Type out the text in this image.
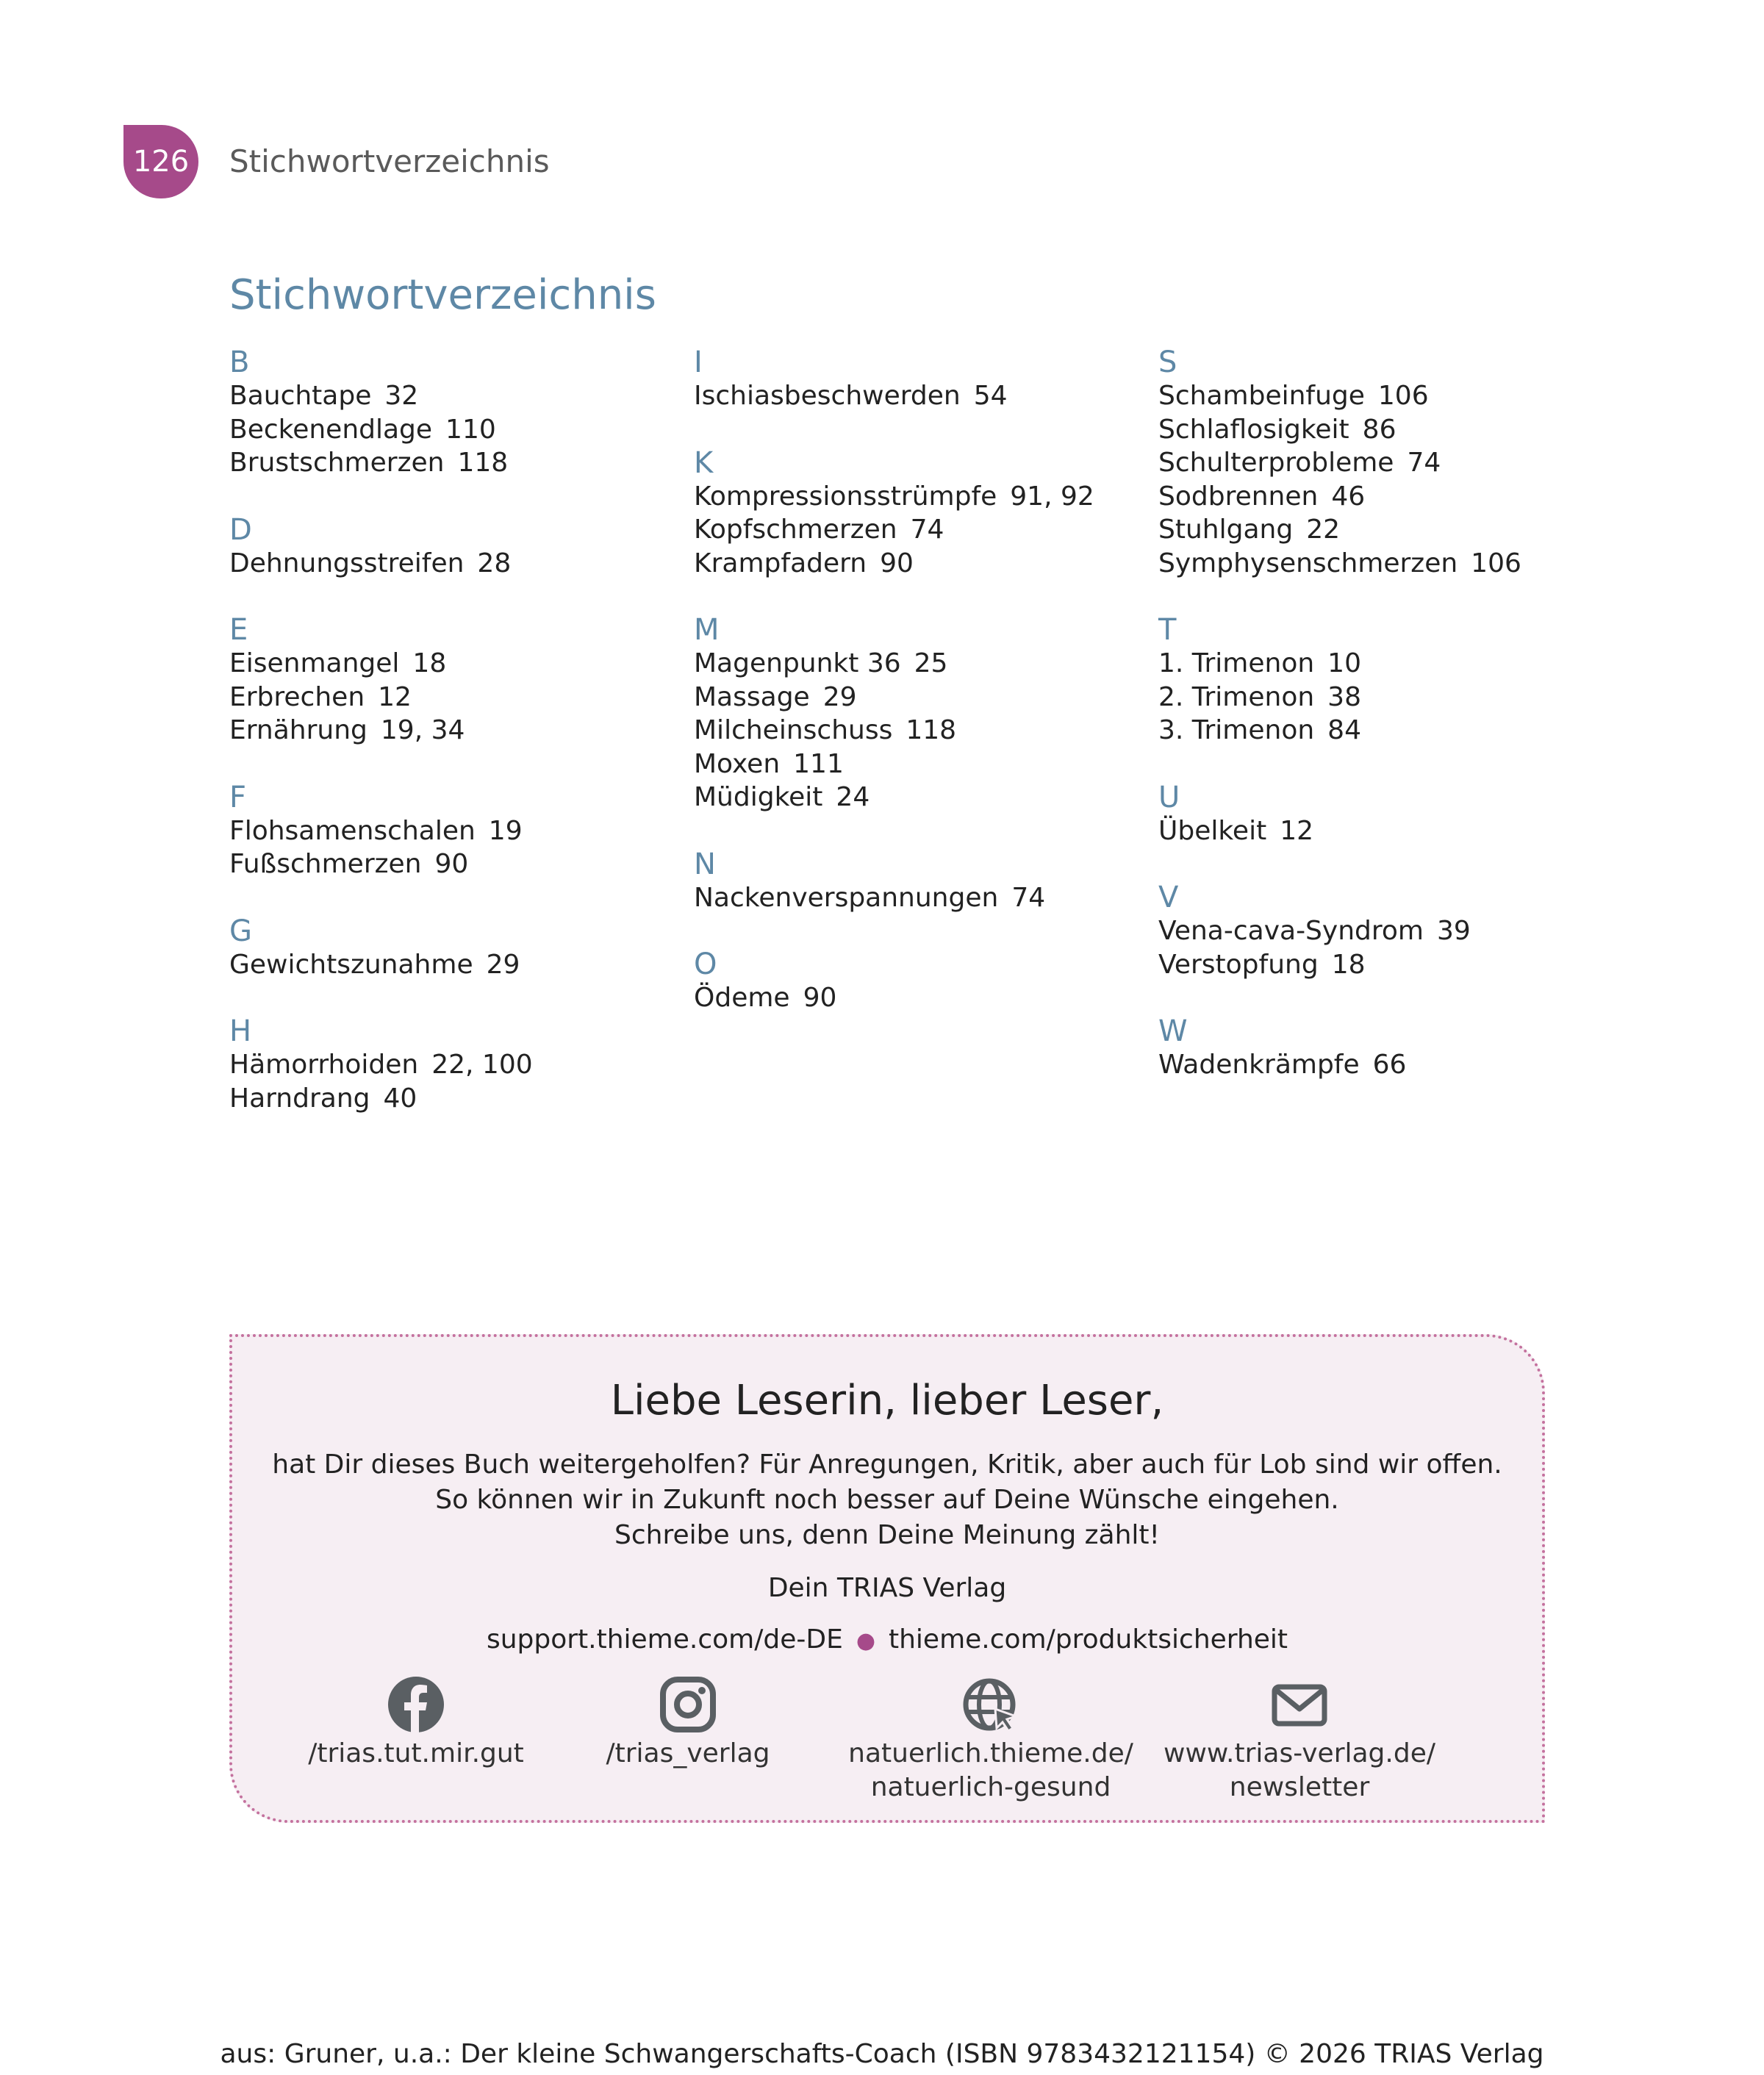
126	Stichwortverzeichnis
Stichwortverzeichnis
B
Bauchtape 32
Beckenendlage 110
Brustschmerzen 118
D
Dehnungsstreifen 28
E
Eisenmangel 18
Erbrechen 12
Ernährung 19, 34
F
Flohsamenschalen 19
Fußschmerzen 90
G
Gewichtszunahme 29
H
Hämorrhoiden 22, 100
Harndrang 40
I
Ischiasbeschwerden 54
K
Kompressionsstrümpfe 91, 92
Kopfschmerzen 74
Krampfadern 90
M
Magenpunkt 36 25
Massage 29
Milcheinschuss 118
Moxen 111
Müdigkeit 24
N
Nackenverspannungen 74
O
Ödeme 90
S
Schambeinfuge 106
Schlaflosigkeit 86
Schulterprobleme 74
Sodbrennen 46
Stuhlgang 22
Symphysenschmerzen 106
T
1. Trimenon 10
2. Trimenon 38
3. Trimenon 84
U
Übelkeit 12
V
Vena-cava-Syndrom 39
Verstopfung 18
W
Wadenkrämpfe 66
Liebe Leserin, lieber Leser,
hat Dir dieses Buch weitergeholfen? Für Anregungen, Kritik, aber auch für Lob sind wir offen.
So können wir in Zukunft noch besser auf Deine Wünsche eingehen.
Schreibe uns, denn Deine Meinung zählt!
Dein TRIAS Verlag
support.thieme.com/de-DE ● thieme.com/produktsicherheit
/trias.tut.mir.gut	/trias_verlag	natuerlich.thieme.de/
natuerlich-gesund
www.trias-verlag.de/
newsletter
aus: Gruner, u.a.: Der kleine Schwangerschafts-Coach (ISBN 9783432121154) © 2026 TRIAS Verlag
